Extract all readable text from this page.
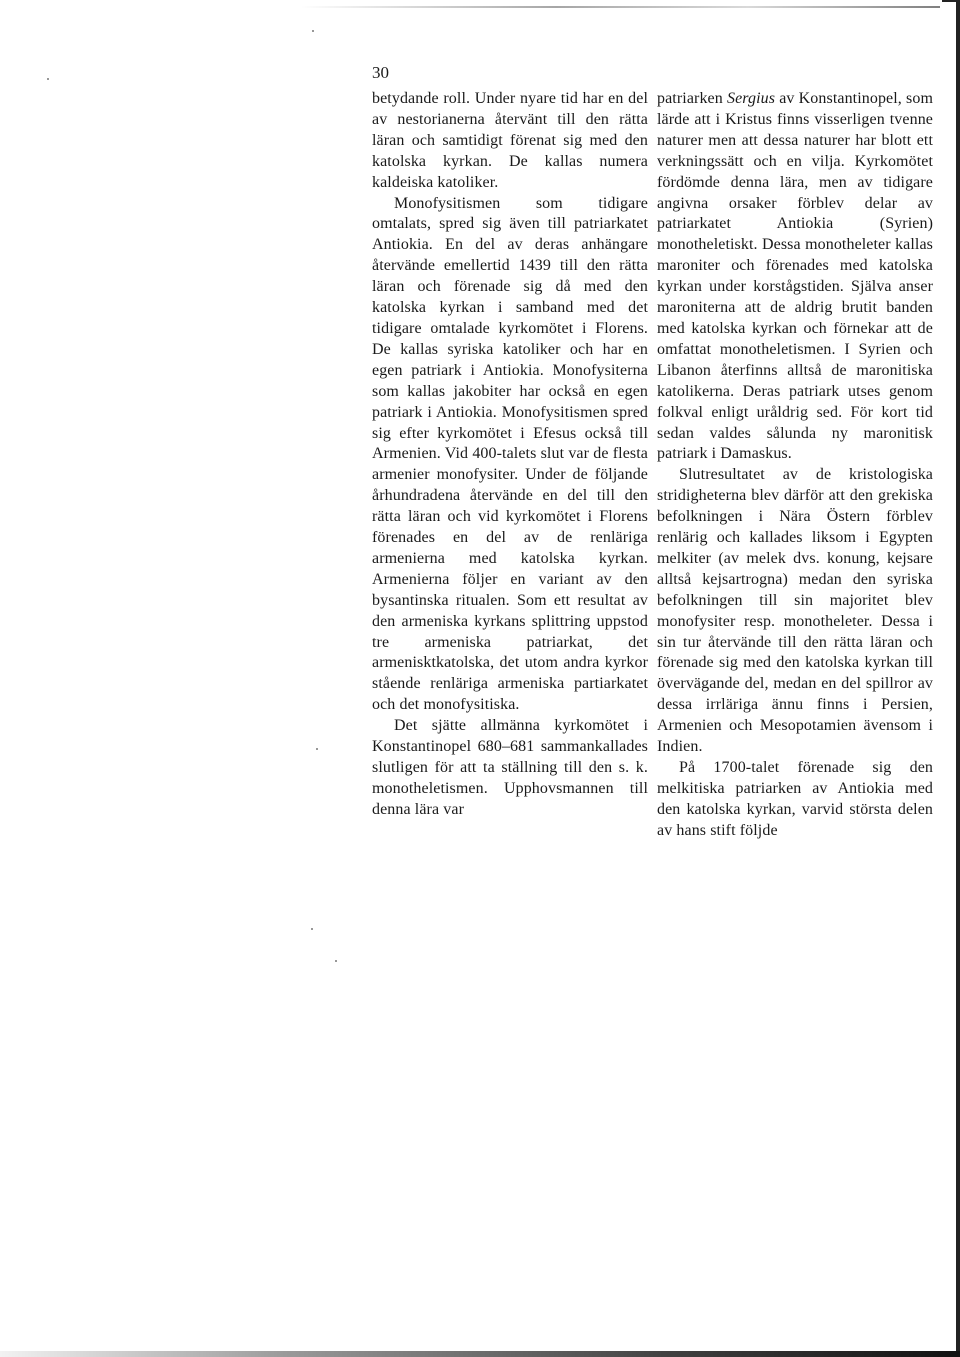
30

betydande roll. Under nyare tid har en del av nestorianerna återvänt till den rätta läran och samtidigt förenat sig med den katolska kyrkan. De kallas numera kaldeiska katoliker.

Monofysitismen som tidigare omtalats, spred sig även till patriarkatet Antiokia. En del av deras anhängare återvände emellertid 1439 till den rätta läran och förenade sig då med den katolska kyrkan i samband med det tidigare omtalade kyrkomötet i Florens. De kallas syriska katoliker och har en egen patriark i Antiokia. Monofysiterna som kallas jakobiter har också en egen patriark i Antiokia. Monofysitismen spred sig efter kyrkomötet i Efesus också till Armenien. Vid 400-talets slut var de flesta armenier monofysiter. Under de följande århundradena återvände en del till den rätta läran och vid kyrkomötet i Florens förenades en del av de renläriga armenierna med katolska kyrkan. Armenierna följer en variant av den bysantinska ritualen. Som ett resultat av den armeniska kyrkans splittring uppstod tre armeniska patriarkat, det armenisktkatolska, det utom andra kyrkor stående renläriga armeniska partiarkatet och det monofysitiska.

Det sjätte allmänna kyrkomötet i Konstantinopel 680–681 sammankallades slutligen för att ta ställning till den s. k. monotheletismen. Upphovsmannen till denna lära var

patriarken Sergius av Konstantinopel, som lärde att i Kristus finns visserligen tvenne naturer men att dessa naturer har blott ett verkningssätt och en vilja. Kyrkomötet fördömde denna lära, men av tidigare angivna orsaker förblev delar av patriarkatet Antiokia (Syrien) monotheletiskt. Dessa monotheleter kallas maroniter och förenades med katolska kyrkan under korstågstiden. Själva anser maroniterna att de aldrig brutit banden med katolska kyrkan och förnekar att de omfattat monotheletismen. I Syrien och Libanon återfinns alltså de maronitiska katolikerna. Deras patriark utses genom folkval enligt uråldrig sed. För kort tid sedan valdes sålunda ny maronitisk patriark i Damaskus.

Slutresultatet av de kristologiska stridigheterna blev därför att den grekiska befolkningen i Nära Östern förblev renlärig och kallades liksom i Egypten melkiter (av melek dvs. konung, kejsare alltså kejsartrogna) medan den syriska befolkningen till sin majoritet blev monofysiter resp. monotheleter. Dessa i sin tur återvände till den rätta läran och förenade sig med den katolska kyrkan till övervägande del, medan en del spillror av dessa irrläriga ännu finns i Persien, Armenien och Mesopotamien ävensom i Indien.

På 1700-talet förenade sig den melkitiska patriarken av Antiokia med den katolska kyrkan, varvid största delen av hans stift följde
